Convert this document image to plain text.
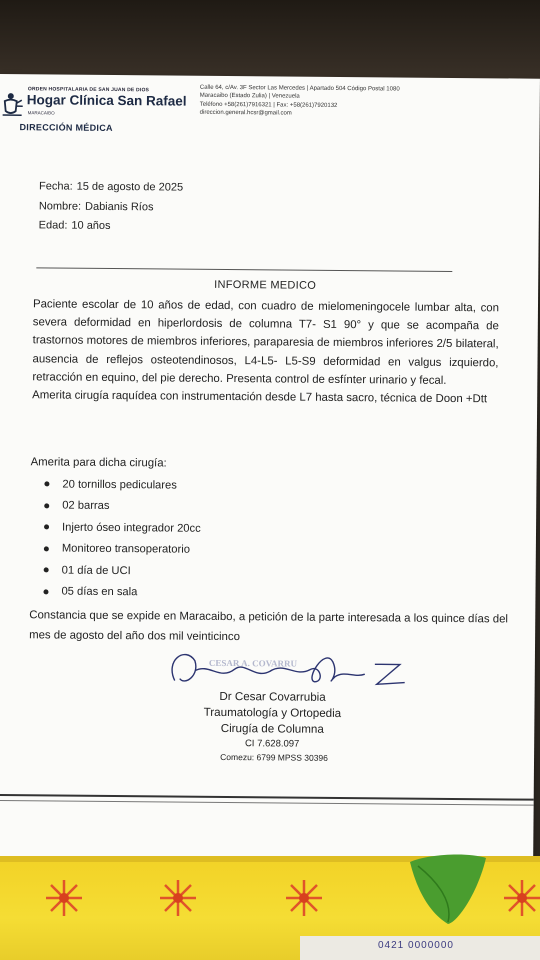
ORDEN HOSPITALARIA DE SAN JUAN DE DIOS
Hogar Clínica San Rafael
MARACAIBO
Calle 64, c/Av. 3F Sector Las Mercedes | Apartado 504 Código Postal 1080
Maracaibo (Estado Zulia) | Venezuela
Teléfono +58(261)7916321 | Fax: +58(261)7920132
direccion.general.hcsr@gmail.com
DIRECCIÓN MÉDICA
Fecha: 15 de agosto de 2025
Nombre: Dabianis Ríos
Edad: 10 años
INFORME MEDICO

Paciente escolar de 10 años de edad, con cuadro de mielomeningocele lumbar alta, con severa deformidad en hiperlordosis de columna T7- S1 90° y que se acompaña de trastornos motores de miembros inferiores, paraparesia de miembros inferiores 2/5 bilateral, ausencia de reflejos osteotendinosos, L4-L5- L5-S9 deformidad en valgus izquierdo, retracción en equino, del pie derecho. Presenta control de esfínter urinario y fecal.

Amerita cirugía raquídea con instrumentación desde L7 hasta sacro, técnica de Doon +Dtt

Amerita para dicha cirugía:
20 tornillos pediculares
02 barras
Injerto óseo integrador 20cc
Monitoreo transoperatorio
01 día de UCI
05 días en sala
Constancia que se expide en Maracaibo, a petición de la parte interesada a los quince días del mes de agosto del año dos mil veinticinco
CESAR A. COVARRU
Dr Cesar Covarrubia
Traumatología y Ortopedia
Cirugía de Columna
CI 7.628.097
Comezu: 6799 MPSS 30396
0421 0000000
